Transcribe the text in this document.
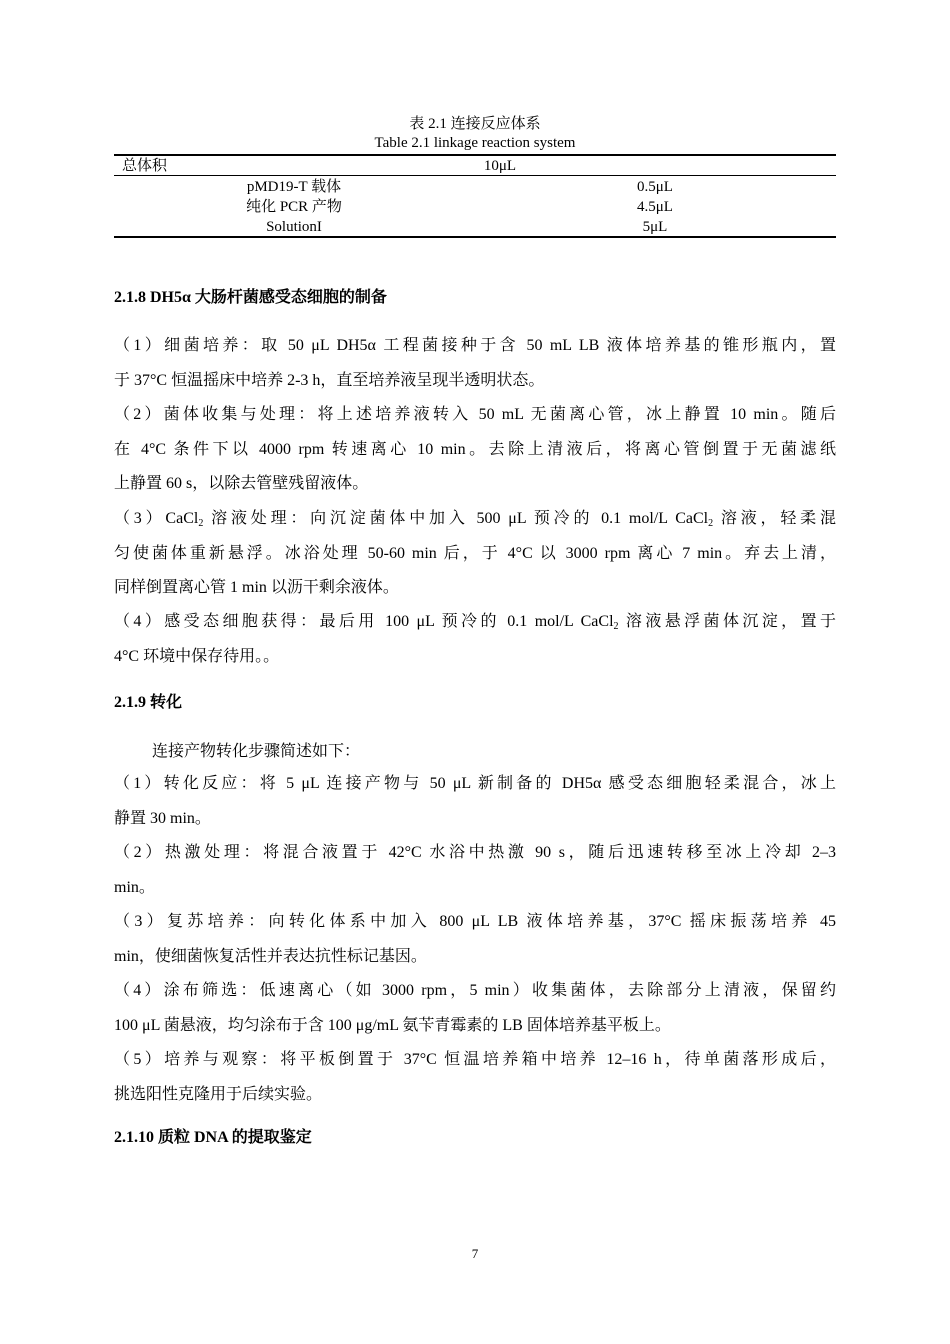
表 2.1 连接反应体系
Table 2.1 linkage reaction system
总体积	10μL
pMD19-T 载体	0.5μL
纯化 PCR 产物	4.5μL
SolutionI	5μL
2.1.8 DH5α 大肠杆菌感受态细胞的制备
（1）细菌培养：取 50 μL DH5α 工程菌接种于含 50 mL LB 液体培养基的锥形瓶内，置
于 37°C 恒温摇床中培养 2-3 h，直至培养液呈现半透明状态。
（2）菌体收集与处理：将上述培养液转入 50 mL 无菌离心管，冰上静置 10 min。随后
在 4°C 条件下以 4000 rpm 转速离心 10 min。去除上清液后，将离心管倒置于无菌滤纸
上静置 60 s，以除去管壁残留液体。
（3）CaCl$_2$ 溶液处理：向沉淀菌体中加入 500 μL 预冷的 0.1 mol/L CaCl$_2$ 溶液，轻柔混
匀使菌体重新悬浮。冰浴处理 50-60 min 后，于 4°C 以 3000 rpm 离心 7 min。弃去上清，
同样倒置离心管 1 min 以沥干剩余液体。
（4）感受态细胞获得：最后用 100 μL 预冷的 0.1 mol/L CaCl$_2$ 溶液悬浮菌体沉淀，置于
4°C 环境中保存待用。。
2.1.9 转化
连接产物转化步骤简述如下：
（1）转化反应：将 5 μL 连接产物与 50 μL 新制备的 DH5α 感受态细胞轻柔混合，冰上
静置 30 min。
（2）热激处理：将混合液置于 42°C 水浴中热激 90 s，随后迅速转移至冰上冷却 2–3
min。
（3）复苏培养：向转化体系中加入 800 μL LB 液体培养基，37°C 摇床振荡培养 45
min，使细菌恢复活性并表达抗性标记基因。
（4）涂布筛选：低速离心（如 3000 rpm，5 min）收集菌体，去除部分上清液，保留约
100 μL 菌悬液，均匀涂布于含 100 μg/mL 氨苄青霉素的 LB 固体培养基平板上。
（5）培养与观察：将平板倒置于 37°C 恒温培养箱中培养 12–16 h，待单菌落形成后，
挑选阳性克隆用于后续实验。
2.1.10 质粒 DNA 的提取鉴定
7
